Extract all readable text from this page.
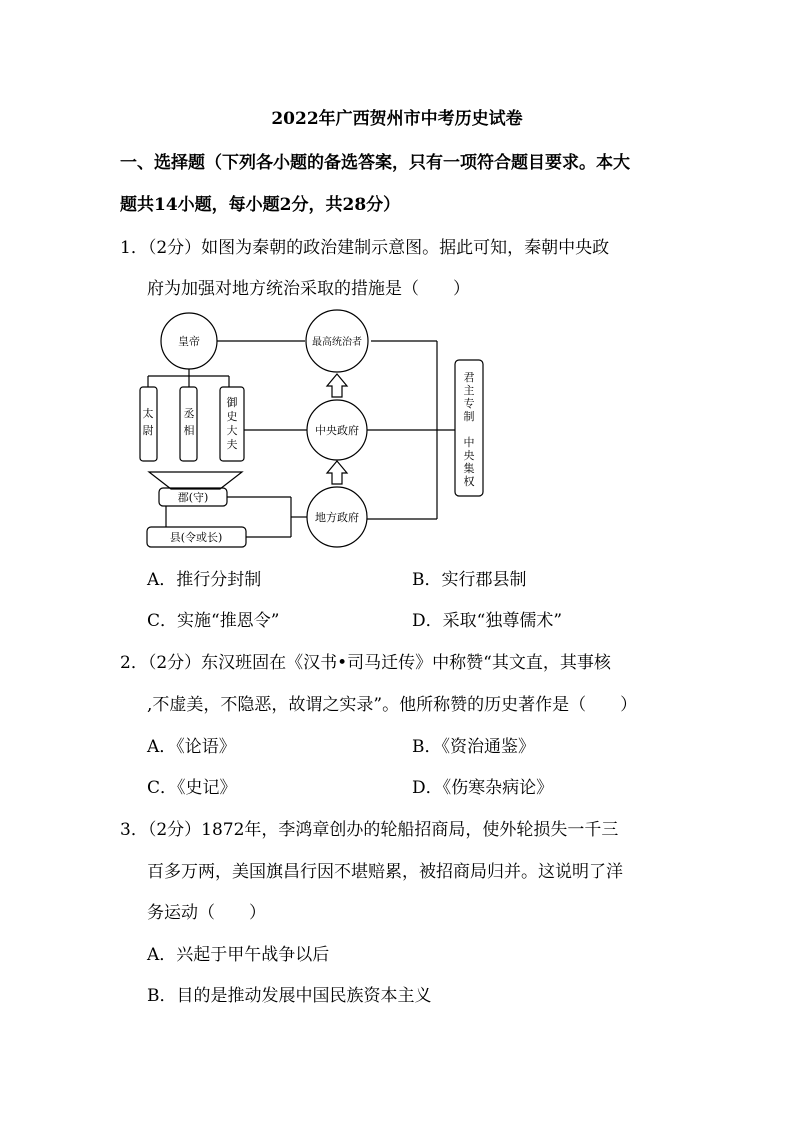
2022年广西贺州市中考历史试卷
一、选择题（下列各小题的备选答案，只有一项符合题目要求。本大
题共14小题，每小题2分，共28分）
1．（2分）如图为秦朝的政治建制示意图。据此可知，秦朝中央政
府为加强对地方统治采取的措施是（　　）
皇帝	最高统治者
中央政府
地方政府
郡(守)
县(令或长)
太
尉
丞
相
御
史
大
夫
君
主
专
制
中
央
集
权
A．推行分封制	B．实行郡县制
C．实施“推恩令”	D．采取“独尊儒术”
2．（2分）东汉班固在《汉书•司马迁传》中称赞“其文直，其事核
,不虚美，不隐恶，故谓之实录”。他所称赞的历史著作是（　　）
A．《论语》	B．《资治通鉴》
C．《史记》	D．《伤寒杂病论》
3．（2分）1872年，李鸿章创办的轮船招商局，使外轮损失一千三
百多万两，美国旗昌行因不堪赔累，被招商局归并。这说明了洋
务运动（　　）
A．兴起于甲午战争以后
B．目的是推动发展中国民族资本主义
